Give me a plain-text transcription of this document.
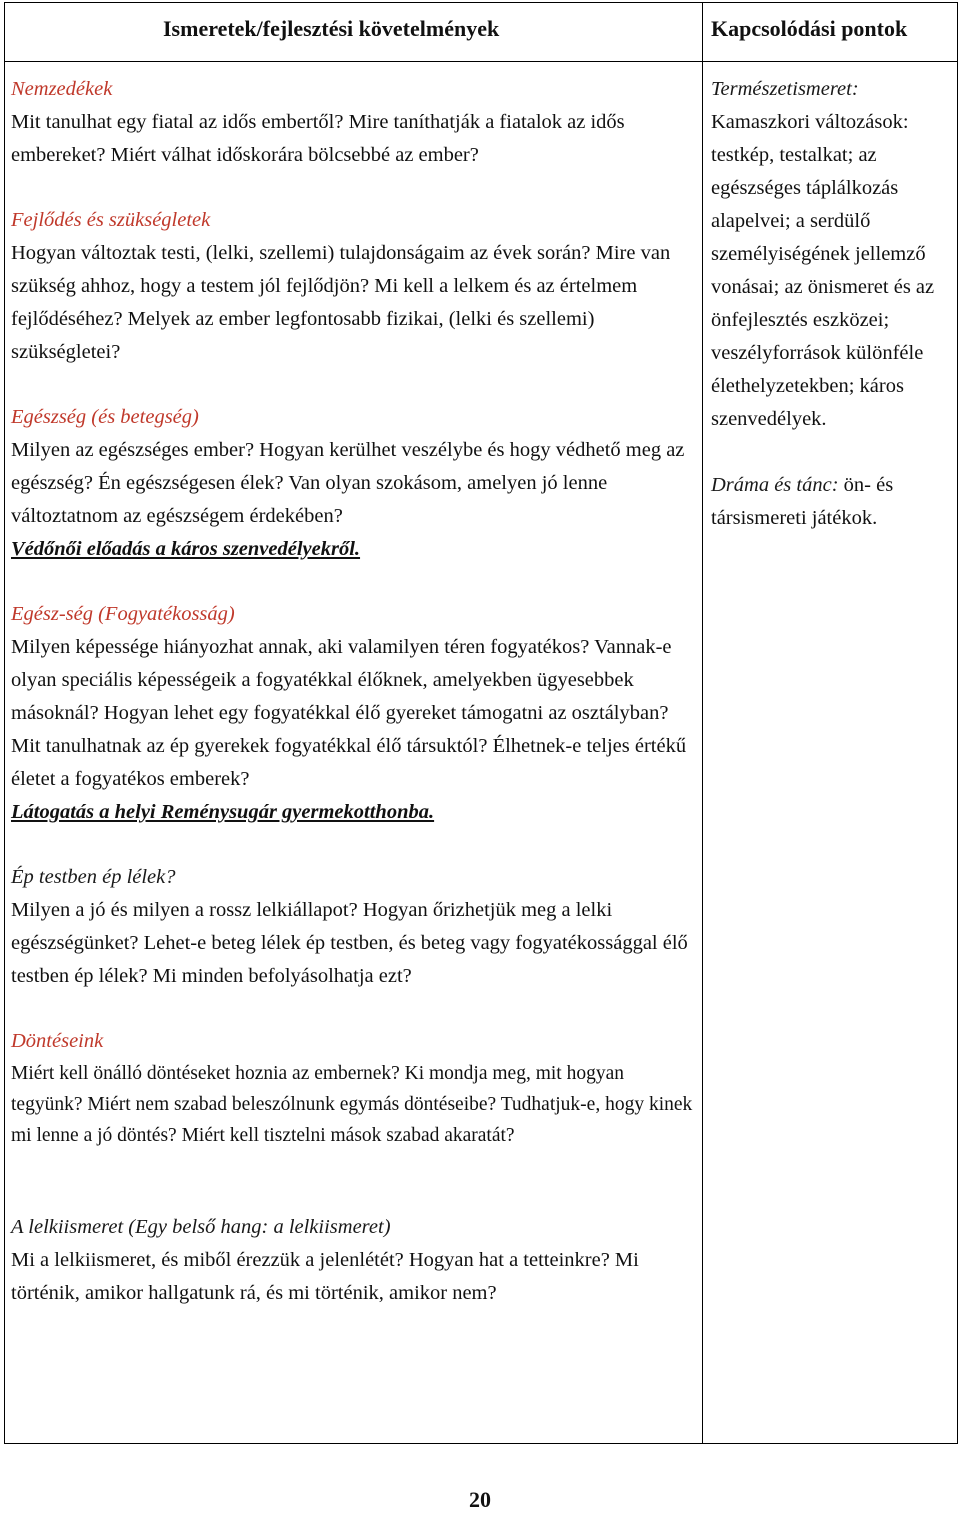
Ismeretek/fejlesztési követelmények	Kapcsolódási pontok

Nemzedékek

Mit tanulhat egy fiatal az idős embertől? Mire taníthatják a fiatalok az idős embereket? Miért válhat időskorára bölcsebbé az ember?

Fejlődés és szükségletek

Hogyan változtak testi, (lelki, szellemi) tulajdonságaim az évek során? Mire van szükség ahhoz, hogy a testem jól fejlődjön? Mi kell a lelkem és az értelmem fejlődéséhez? Melyek az ember legfontosabb fizikai, (lelki és szellemi) szükségletei?

Egészség (és betegség)

Milyen az egészséges ember? Hogyan kerülhet veszélybe és hogy védhető meg az egészség? Én egészségesen élek? Van olyan szokásom, amelyen jó lenne változtatnom az egészségem érdekében?

Védőnői előadás a káros szenvedélyekről.

Egész-ség (Fogyatékosság)

Milyen képessége hiányozhat annak, aki valamilyen téren fogyatékos? Vannak-e olyan speciális képességeik a fogyatékkal élőknek, amelyekben ügyesebbek másoknál? Hogyan lehet egy fogyatékkal élő gyereket támogatni az osztályban? Mit tanulhatnak az ép gyerekek fogyatékkal élő társuktól? Élhetnek-e teljes értékű életet a fogyatékos emberek?

Látogatás a helyi Reménysugár gyermekotthonba.

Ép testben ép lélek?

Milyen a jó és milyen a rossz lelkiállapot? Hogyan őrizhetjük meg a lelki egészségünket? Lehet-e beteg lélek ép testben, és beteg vagy fogyatékossággal élő testben ép lélek? Mi minden befolyásolhatja ezt?

Döntéseink

Miért kell önálló döntéseket hoznia az embernek? Ki mondja meg, mit hogyan tegyünk? Miért nem szabad beleszólnunk egymás döntéseibe? Tudhatjuk-e, hogy kinek mi lenne a jó döntés? Miért kell tisztelni mások szabad akaratát?

A lelkiismeret (Egy belső hang: a lelkiismeret)

Mi a lelkiismeret, és miből érezzük a jelenlétét? Hogyan hat a tetteinkre? Mi történik, amikor hallgatunk rá, és mi történik, amikor nem?

Természetismeret:

Kamaszkori változások: testkép, testalkat; az egészséges táplálkozás alapelvei; a serdülő személyiségének jellemző vonásai; az önismeret és az önfejlesztés eszközei; veszélyforrások különféle élethelyzetekben; káros szenvedélyek.

Dráma és tánc: ön- és társismereti játékok.

20
